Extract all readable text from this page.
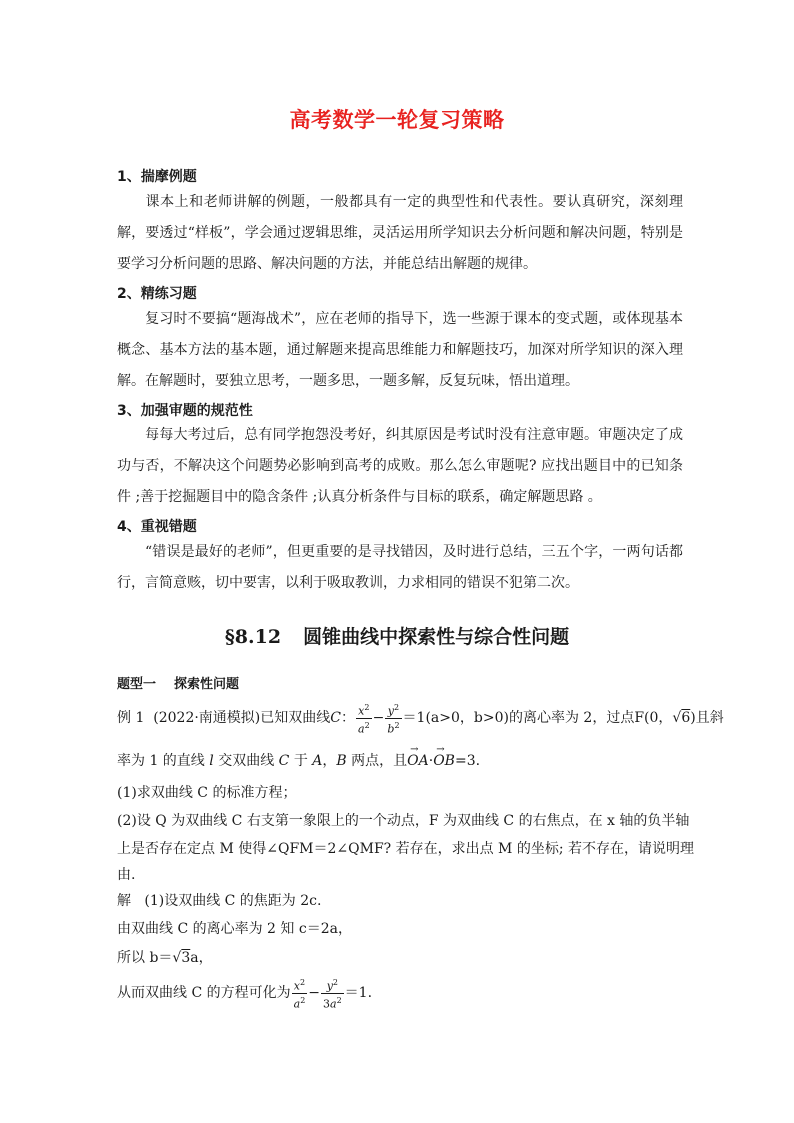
高考数学一轮复习策略
1、揣摩例题
课本上和老师讲解的例题，一般都具有一定的典型性和代表性。要认真研究，深刻理解，要透过“样板”，学会通过逻辑思维，灵活运用所学知识去分析问题和解决问题，特别是要学习分析问题的思路、解决问题的方法，并能总结出解题的规律。
2、精练习题
复习时不要搞“题海战术”，应在老师的指导下，选一些源于课本的变式题，或体现基本概念、基本方法的基本题，通过解题来提高思维能力和解题技巧，加深对所学知识的深入理解。在解题时，要独立思考，一题多思，一题多解，反复玩味，悟出道理。
3、加强审题的规范性
每每大考过后，总有同学抱怨没考好，纠其原因是考试时没有注意审题。审题决定了成功与否，不解决这个问题势必影响到高考的成败。那么怎么审题呢? 应找出题目中的已知条件 ;善于挖掘题目中的隐含条件 ;认真分析条件与目标的联系，确定解题思路 。
4、重视错题
“错误是最好的老师”，但更重要的是寻找错因，及时进行总结，三五个字，一两句话都行，言简意赅，切中要害，以利于吸取教训，力求相同的错误不犯第二次。
§8.12 圆锥曲线中探索性与综合性问题
题型一 探索性问题
例 1 (2022·南通模拟)已知双曲线C： $\frac{x^2}{a^2} - \frac{y^2}{b^2} =1(a>0$，b>0)的离心率为 2，过点F(0，√6)且斜
率为 1 的直线 l 交双曲线 C 于 A，B 两点，且→ OA·→ OB=3.
(1)求双曲线 C 的标准方程；
(2)设 Q 为双曲线 C 右支第一象限上的一个动点，F 为双曲线 C 的右焦点，在 x 轴的负半轴
上是否存在定点 M 使得∠QFM＝2∠QMF? 若存在，求出点 M 的坐标; 若不存在，请说明理
由.
解 (1)设双曲线 C 的焦距为 2c.
由双曲线 C 的离心率为 2 知 c＝2a，
所以 b＝√3a，
从而双曲线 C 的方程可化为 $\frac{x^2}{a^2} - \frac{y^2}{3a^2} =1$.
